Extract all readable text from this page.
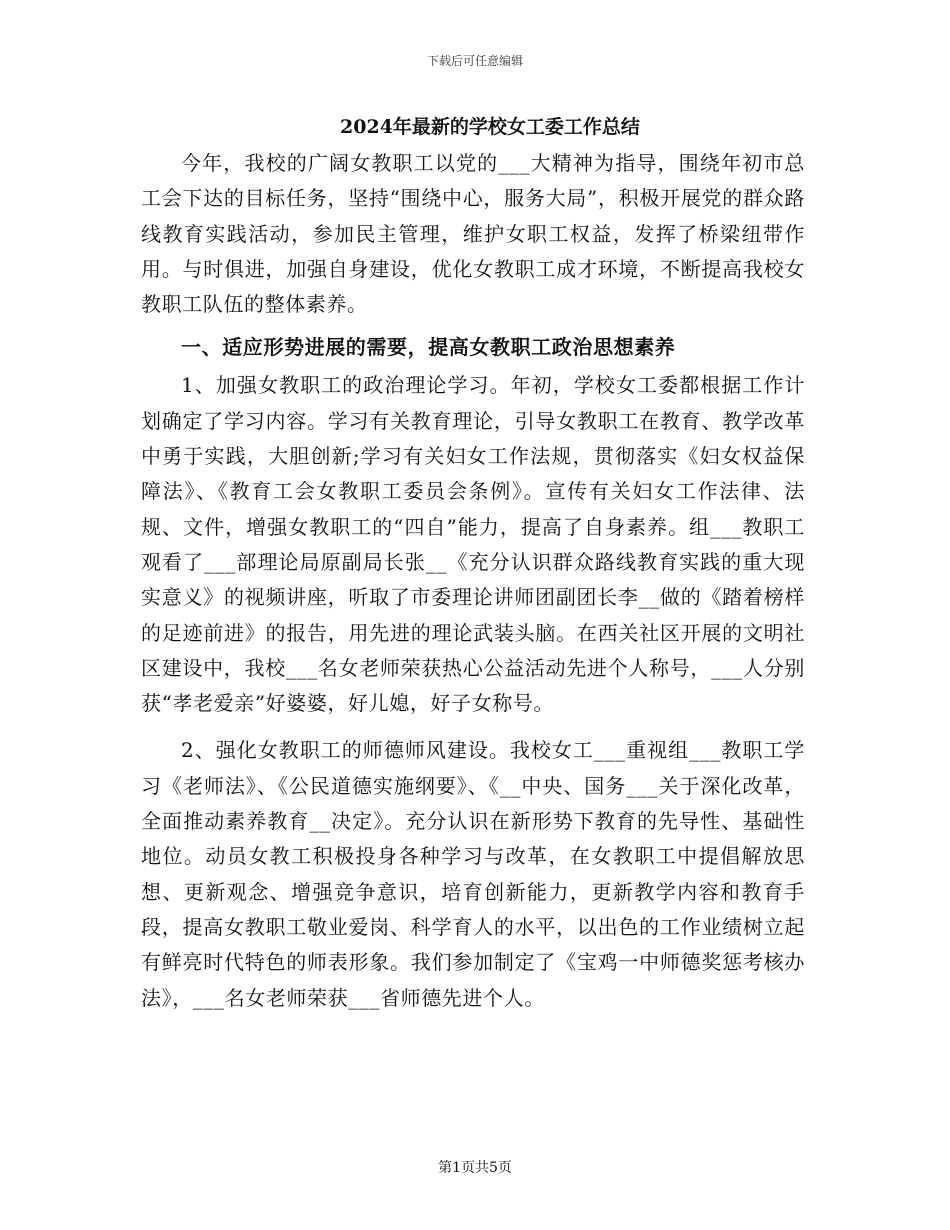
下载后可任意编辑
2024年最新的学校女工委工作总结

今年，我校的广阔女教职工以党的___大精神为指导，围绕年初市总工会下达的目标任务，坚持“围绕中心，服务大局”，积极开展党的群众路线教育实践活动，参加民主管理，维护女职工权益，发挥了桥梁纽带作用。与时俱进，加强自身建设，优化女教职工成才环境，不断提高我校女教职工队伍的整体素养。

一、适应形势进展的需要，提高女教职工政治思想素养

1、加强女教职工的政治理论学习。年初，学校女工委都根据工作计划确定了学习内容。学习有关教育理论，引导女教职工在教育、教学改革中勇于实践，大胆创新;学习有关妇女工作法规，贯彻落实《妇女权益保障法》、《教育工会女教职工委员会条例》。宣传有关妇女工作法律、法规、文件，增强女教职工的“四自”能力，提高了自身素养。组___教职工观看了___部理论局原副局长张__《充分认识群众路线教育实践的重大现实意义》的视频讲座，听取了市委理论讲师团副团长李__做的《踏着榜样的足迹前进》的报告，用先进的理论武装头脑。在西关社区开展的文明社区建设中，我校___名女老师荣获热心公益活动先进个人称号，___人分别获“孝老爱亲”好婆婆，好儿媳，好子女称号。

2、强化女教职工的师德师风建设。我校女工___重视组___教职工学习《老师法》、《公民道德实施纲要》、《__中央、国务___关于深化改革，全面推动素养教育__决定》。充分认识在新形势下教育的先导性、基础性地位。动员女教工积极投身各种学习与改革，在女教职工中提倡解放思想、更新观念、增强竞争意识，培育创新能力，更新教学内容和教育手段，提高女教职工敬业爱岗、科学育人的水平，以出色的工作业绩树立起有鲜亮时代特色的师表形象。我们参加制定了《宝鸡一中师德奖惩考核办法》，___名女老师荣获___省师德先进个人。

第1页共5页
